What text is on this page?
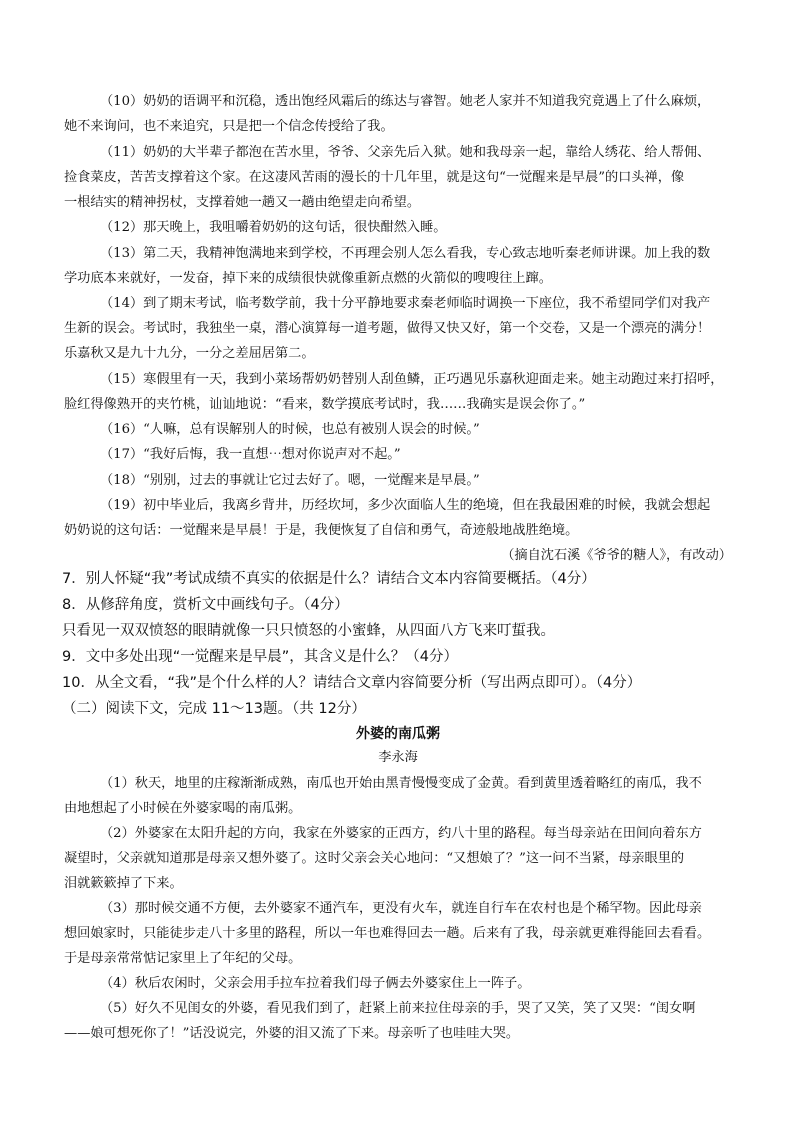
（10）奶奶的语调平和沉稳，透出饱经风霜后的练达与睿智。她老人家并不知道我究竟遇上了什么麻烦，
她不来询问，也不来追究，只是把一个信念传授给了我。
（11）奶奶的大半辈子都泡在苦水里，爷爷、父亲先后入狱。她和我母亲一起，靠给人绣花、给人帮佣、
捡食菜皮，苦苦支撑着这个家。在这凄风苦雨的漫长的十几年里，就是这句“一觉醒来是早晨”的口头禅，像
一根结实的精神拐杖，支撑着她一趟又一趟由绝望走向希望。
（12）那天晚上，我咀嚼着奶奶的这句话，很快酣然入睡。
（13）第二天，我精神饱满地来到学校，不再理会别人怎么看我，专心致志地听秦老师讲课。加上我的数
学功底本来就好，一发奋，掉下来的成绩很快就像重新点燃的火箭似的嗖嗖往上蹿。
（14）到了期末考试，临考数学前，我十分平静地要求秦老师临时调换一下座位，我不希望同学们对我产
生新的误会。考试时，我独坐一桌，潜心演算每一道考题，做得又快又好，第一个交卷，又是一个漂亮的满分！
乐嘉秋又是九十九分，一分之差屈居第二。
（15）寒假里有一天，我到小菜场帮奶奶替别人刮鱼鳞，正巧遇见乐嘉秋迎面走来。她主动跑过来打招呼，
脸红得像熟开的夹竹桃，讪讪地说：“看来，数学摸底考试时，我……我确实是误会你了。”
（16）“人嘛，总有误解别人的时候，也总有被别人误会的时候。”
（17）“我好后悔，我一直想⋯想对你说声对不起。”
（18）“别别，过去的事就让它过去好了。嗯，一觉醒来是早晨。”
（19）初中毕业后，我离乡背井，历经坎坷，多少次面临人生的绝境，但在我最困难的时候，我就会想起
奶奶说的这句话：一觉醒来是早晨！于是，我便恢复了自信和勇气，奇迹般地战胜绝境。
（摘自沈石溪《爷爷的糖人》，有改动）
7．别人怀疑“我”考试成绩不真实的依据是什么？请结合文本内容简要概括。（4分）
8．从修辞角度，赏析文中画线句子。（4分）
只看见一双双愤怒的眼睛就像一只只愤怒的小蜜蜂，从四面八方飞来叮蜇我。
9．文中多处出现“一觉醒来是早晨”，其含义是什么？（4分）
10．从全文看，“我”是个什么样的人？请结合文章内容简要分析（写出两点即可）。（4分）
（二）阅读下文，完成 11～13题。（共 12分）
外婆的南瓜粥
李永海
（1）秋天，地里的庄稼渐渐成熟，南瓜也开始由黑青慢慢变成了金黄。看到黄里透着略红的南瓜，我不
由地想起了小时候在外婆家喝的南瓜粥。
（2）外婆家在太阳升起的方向，我家在外婆家的正西方，约八十里的路程。每当母亲站在田间向着东方
凝望时，父亲就知道那是母亲又想外婆了。这时父亲会关心地问：“又想娘了？”这一问不当紧，母亲眼里的
泪就簌簌掉了下来。
（3）那时候交通不方便，去外婆家不通汽车，更没有火车，就连自行车在农村也是个稀罕物。因此母亲
想回娘家时，只能徒步走八十多里的路程，所以一年也难得回去一趟。后来有了我，母亲就更难得能回去看看。
于是母亲常常惦记家里上了年纪的父母。
（4）秋后农闲时，父亲会用手拉车拉着我们母子俩去外婆家住上一阵子。
（5）好久不见闺女的外婆，看见我们到了，赶紧上前来拉住母亲的手，哭了又笑，笑了又哭：“闺女啊
——娘可想死你了！”话没说完，外婆的泪又流了下来。母亲听了也哇哇大哭。
